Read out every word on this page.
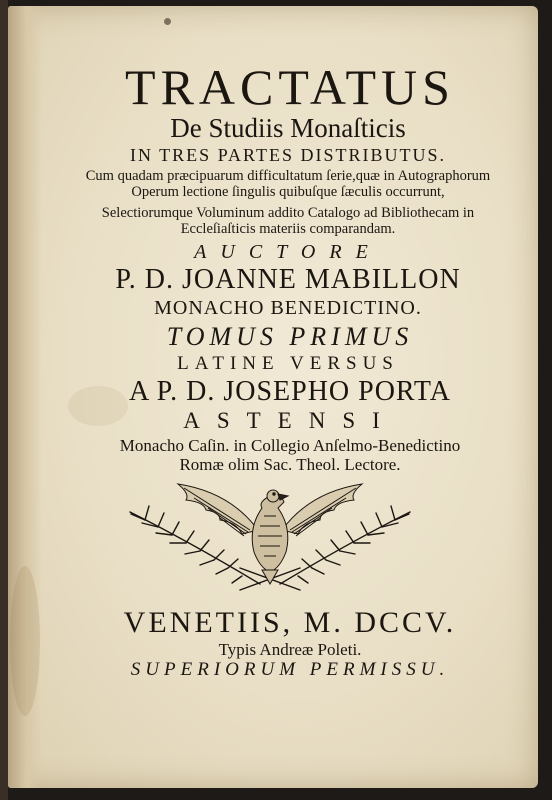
TRACTATUS
De Studiis Monaſticis
IN TRES PARTES DISTRIBUTUS.
Cum quadam præcipuarum difficultatum ſerie,quæ in Autographorum
Operum lectione ſingulis quibuſque ſæculis occurrunt,
Selectiorumque Voluminum addito Catalogo ad Bibliothecam in
Eccleſiaſticis materiis comparandam.
AUCTORE
P. D. JOANNE MABILLON
MONACHO BENEDICTINO.
TOMUS PRIMUS
LATINE VERSUS
A P. D. JOSEPHO PORTA
ASTENSI
Monacho Caſin. in Collegio Anſelmo-Benedictino
Romæ olim Sac. Theol. Lectore.
VENETIIS, M. DCCV.
Typis Andreæ Poleti.
SUPERIORUM PERMISSU.
